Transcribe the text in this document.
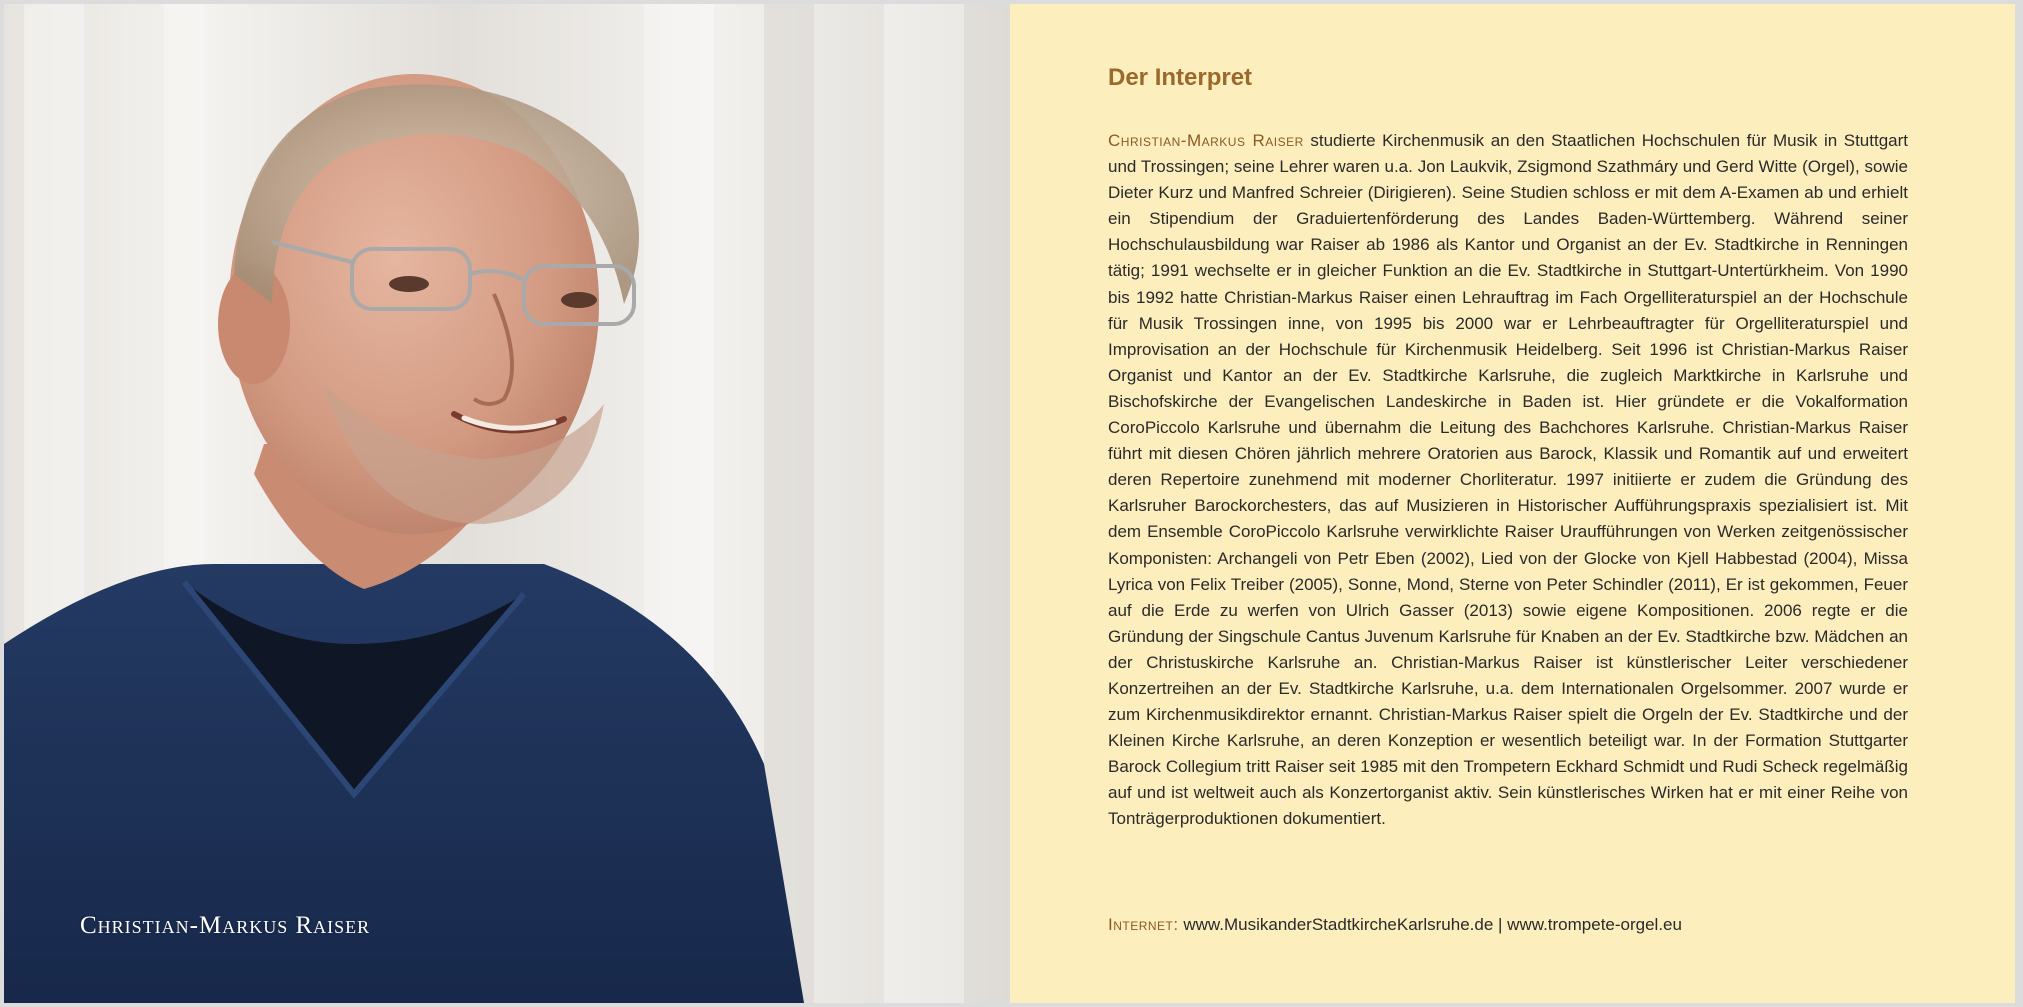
Christian-Markus Raiser
Der Interpret

Christian-Markus Raiser studierte Kirchenmusik an den Staatlichen Hochschulen für Musik in Stuttgart und Trossingen; seine Lehrer waren u.a. Jon Laukvik, Zsigmond Szathmáry und Gerd Witte (Orgel), sowie Dieter Kurz und Manfred Schreier (Dirigieren). Seine Studien schloss er mit dem A-Examen ab und erhielt ein Stipendium der Graduiertenförderung des Landes Baden-Württemberg. Während seiner Hochschulausbildung war Raiser ab 1986 als Kantor und Organist an der Ev. Stadtkirche in Renningen tätig; 1991 wechselte er in gleicher Funktion an die Ev. Stadtkirche in Stuttgart-Untertürkheim. Von 1990 bis 1992 hatte Christian-Markus Raiser einen Lehrauftrag im Fach Orgelliteraturspiel an der Hochschule für Musik Trossingen inne, von 1995 bis 2000 war er Lehrbeauftragter für Orgelliteraturspiel und Improvisation an der Hochschule für Kirchenmusik Heidelberg. Seit 1996 ist Christian-Markus Raiser Organist und Kantor an der Ev. Stadtkirche Karlsruhe, die zugleich Marktkirche in Karlsruhe und Bischofskirche der Evangelischen Landeskirche in Baden ist. Hier gründete er die Vokalformation CoroPiccolo Karlsruhe und übernahm die Leitung des Bachchores Karlsruhe. Christian-Markus Raiser führt mit diesen Chören jährlich mehrere Oratorien aus Barock, Klassik und Romantik auf und erweitert deren Repertoire zunehmend mit moderner Chorliteratur. 1997 initiierte er zudem die Gründung des Karlsruher Barockorchesters, das auf Musizieren in Historischer Aufführungspraxis spezialisiert ist. Mit dem Ensemble CoroPiccolo Karlsruhe verwirklichte Raiser Uraufführungen von Werken zeitgenössischer Komponisten: Archangeli von Petr Eben (2002), Lied von der Glocke von Kjell Habbestad (2004), Missa Lyrica von Felix Treiber (2005), Sonne, Mond, Sterne von Peter Schindler (2011), Er ist gekommen, Feuer auf die Erde zu werfen von Ulrich Gasser (2013) sowie eigene Kompositionen. 2006 regte er die Gründung der Singschule Cantus Juvenum Karlsruhe für Knaben an der Ev. Stadtkirche bzw. Mädchen an der Christuskirche Karlsruhe an. Christian-Markus Raiser ist künstlerischer Leiter verschiedener Konzertreihen an der Ev. Stadtkirche Karlsruhe, u.a. dem Internationalen Orgelsommer. 2007 wurde er zum Kirchenmusikdirektor ernannt. Christian-Markus Raiser spielt die Orgeln der Ev. Stadtkirche und der Kleinen Kirche Karlsruhe, an deren Konzeption er wesentlich beteiligt war. In der Formation Stuttgarter Barock Collegium tritt Raiser seit 1985 mit den Trompetern Eckhard Schmidt und Rudi Scheck regelmäßig auf und ist weltweit auch als Konzertorganist aktiv. Sein künstlerisches Wirken hat er mit einer Reihe von Tonträgerproduktionen dokumentiert.

Internet: www.MusikanderStadtkircheKarlsruhe.de | www.trompete-orgel.eu
